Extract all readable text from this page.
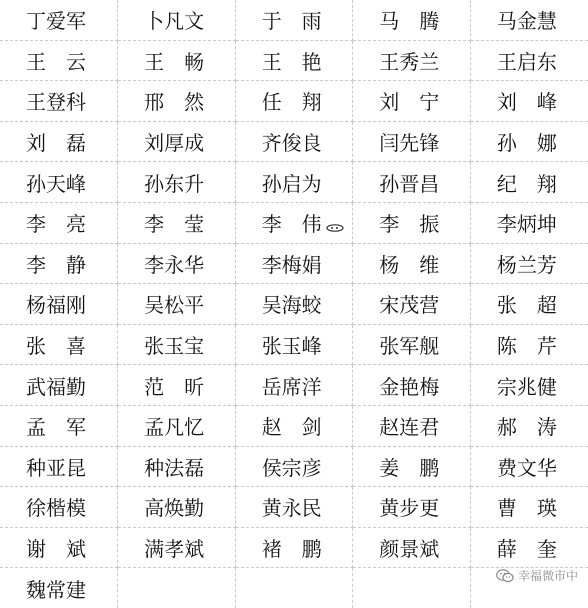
丁爱军	卜凡文	于　雨	马　腾	马金慧
王　云	王　畅	王　艳	王秀兰	王启东
王登科	邢　然	任　翔	刘　宁	刘　峰
刘　磊	刘厚成	齐俊良	闫先锋	孙　娜
孙天峰	孙东升	孙启为	孙晋昌	纪　翔
李　亮	李　莹	李　伟	李　振	李炳坤
李　静	李永华	李梅娟	杨　维	杨兰芳
杨福刚	吴松平	吴海蛟	宋茂营	张　超
张　喜	张玉宝	张玉峰	张军舰	陈　芹
武福勤	范　昕	岳席洋	金艳梅	宗兆健
孟　军	孟凡忆	赵　剑	赵连君	郝　涛
种亚昆	种法磊	侯宗彦	姜　鹏	费文华
徐楷模	高焕勤	黄永民	黄步更	曹　瑛
谢　斌	满孝斌	褚　鹏	颜景斌	薛　奎
魏常建				
幸福微市中
